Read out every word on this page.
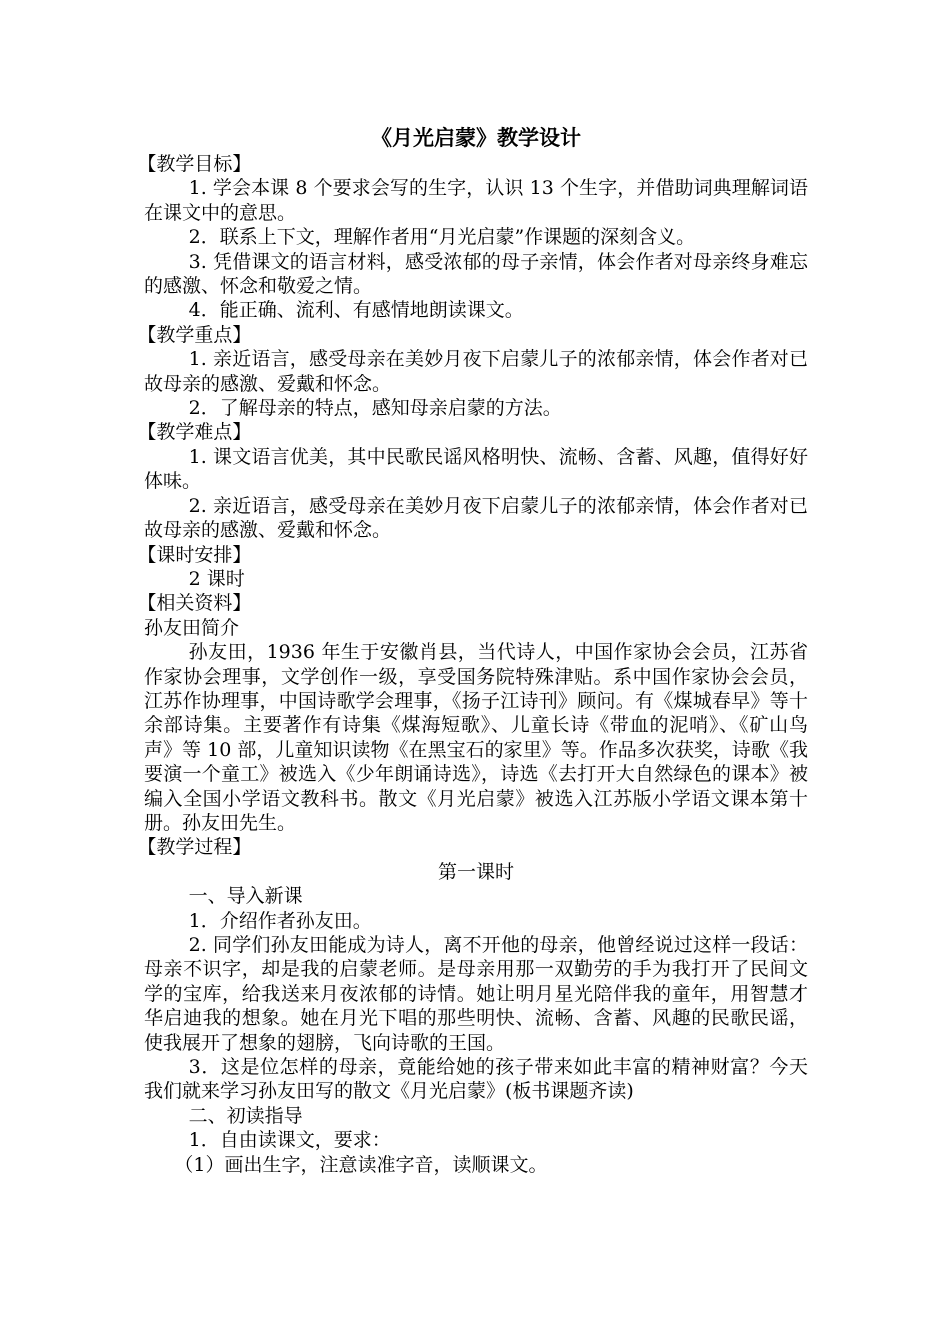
《月光启蒙》教学设计
【教学目标】
1. 学会本课 8 个要求会写的生字，认识 13 个生字，并借助词典理解词语在课文中的意思。
2．联系上下文，理解作者用“月光启蒙”作课题的深刻含义。
3. 凭借课文的语言材料，感受浓郁的母子亲情，体会作者对母亲终身难忘的感激、怀念和敬爱之情。
4．能正确、流利、有感情地朗读课文。
【教学重点】
1. 亲近语言，感受母亲在美妙月夜下启蒙儿子的浓郁亲情，体会作者对已故母亲的感激、爱戴和怀念。
2．了解母亲的特点，感知母亲启蒙的方法。
【教学难点】
1. 课文语言优美，其中民歌民谣风格明快、流畅、含蓄、风趣，值得好好体味。
2. 亲近语言，感受母亲在美妙月夜下启蒙儿子的浓郁亲情，体会作者对已故母亲的感激、爱戴和怀念。
【课时安排】
2 课时
【相关资料】
孙友田简介
孙友田，1936 年生于安徽肖县，当代诗人，中国作家协会会员，江苏省作家协会理事，文学创作一级，享受国务院特殊津贴。系中国作家协会会员，江苏作协理事，中国诗歌学会理事，《扬子江诗刊》顾问。有《煤城春早》等十余部诗集。主要著作有诗集《煤海短歌》、儿童长诗《带血的泥哨》、《矿山鸟声》等 10 部，儿童知识读物《在黑宝石的家里》等。作品多次获奖，诗歌《我要演一个童工》被选入《少年朗诵诗选》，诗选《去打开大自然绿色的课本》被编入全国小学语文教科书。散文《月光启蒙》被选入江苏版小学语文课本第十册。孙友田先生。
【教学过程】
第一课时
一、导入新课
1．介绍作者孙友田。
2. 同学们孙友田能成为诗人，离不开他的母亲，他曾经说过这样一段话：母亲不识字，却是我的启蒙老师。是母亲用那一双勤劳的手为我打开了民间文学的宝库，给我送来月夜浓郁的诗情。她让明月星光陪伴我的童年，用智慧才华启迪我的想象。她在月光下唱的那些明快、流畅、含蓄、风趣的民歌民谣，使我展开了想象的翅膀，飞向诗歌的王国。
3．这是位怎样的母亲，竟能给她的孩子带来如此丰富的精神财富？今天我们就来学习孙友田写的散文《月光启蒙》(板书课题齐读)
二、初读指导
1．自由读课文，要求：
（1）画出生字，注意读准字音，读顺课文。
